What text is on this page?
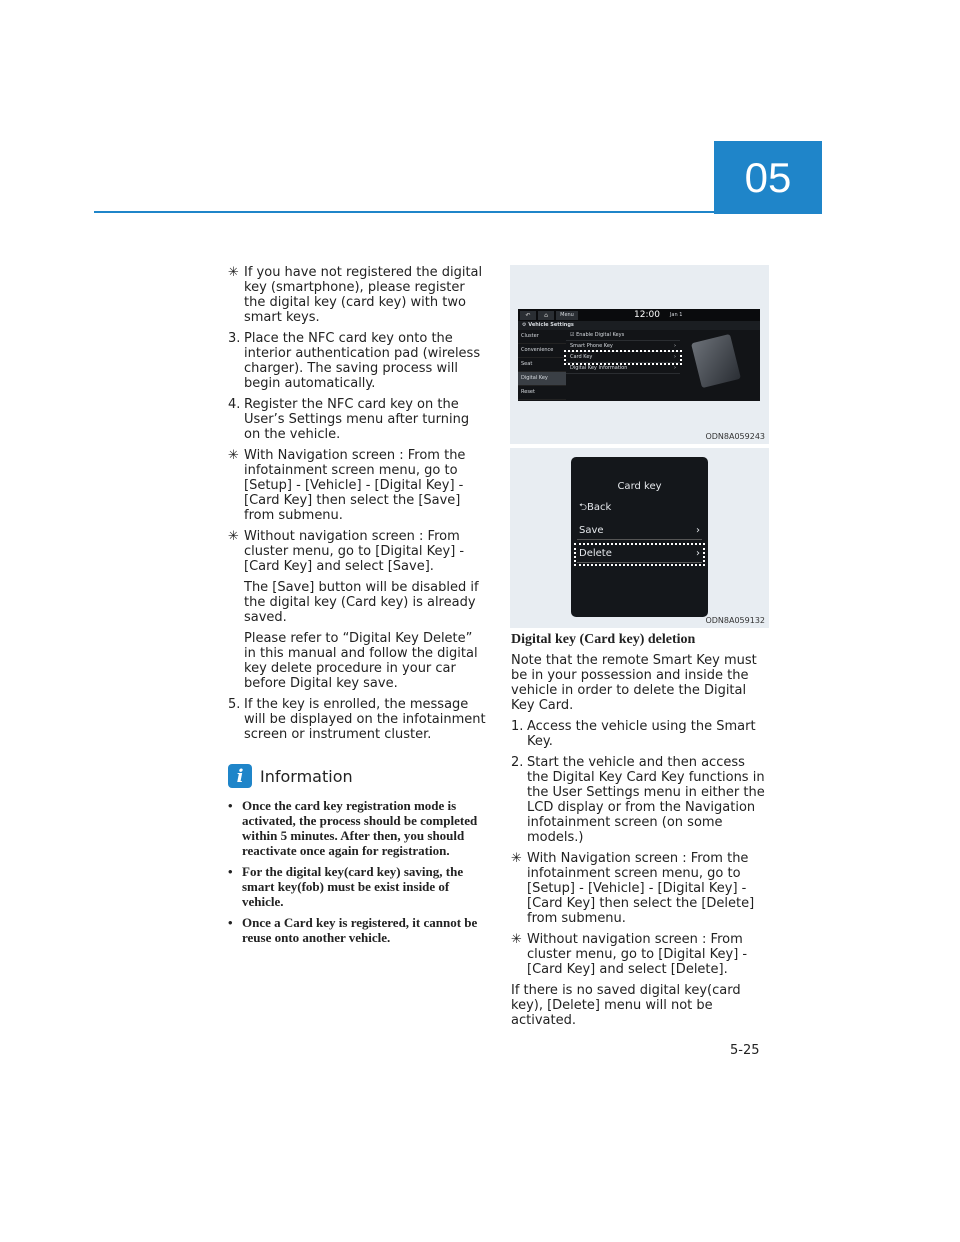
05
✳ If you have not registered the digital key (smartphone), please register the digital key (card key) with two smart keys.
3. Place the NFC card key onto the interior authentication pad (wireless charger). The saving process will begin automatically.
4. Register the NFC card key on the User’s Settings menu after turning on the vehicle.
✳ With Navigation screen : From the infotainment screen menu, go to [Setup] - [Vehicle] - [Digital Key] - [Card Key] then select the [Save] from submenu.
✳ Without navigation screen : From cluster menu, go to [Digital Key] - [Card Key] and select [Save].

The [Save] button will be disabled if the digital key (Card key) is already saved.

Please refer to “Digital Key Delete” in this manual and follow the digital key delete procedure in your car before Digital key save.

5. If the key is enrolled, the message will be displayed on the infotainment screen or instrument cluster.
i	Information
• Once the card key registration mode is activated, the process should be completed within 5 minutes. After then, you should reactivate once again for registration.
• For the digital key(card key) saving, the smart key(fob) must be exist inside of vehicle.
• Once a Card key is registered, it cannot be reuse onto another vehicle.
↶	⌂	Menu	12:00 Jan 1
⚙ Vehicle Settings
Cluster
Convenience
Seat
Digital Key
Reset
☑ Enable Digital Keys
Smart Phone Key	›
Card Key	›
Digital Key Information	›
ODN8A059243
Card key
⮌Back
Save	›
Delete	›
ODN8A059132
Digital key (Card key) deletion

Note that the remote Smart Key must be in your possession and inside the vehicle in order to delete the Digital Key Card.

1. Access the vehicle using the Smart Key.
2. Start the vehicle and then access the Digital Key Card Key functions in the User Settings menu in either the LCD display or from the Navigation infotainment screen (on some models.)
✳ With Navigation screen : From the infotainment screen menu, go to [Setup] - [Vehicle] - [Digital Key] - [Card Key] then select the [Delete] from submenu.
✳ Without navigation screen : From cluster menu, go to [Digital Key] - [Card Key] and select [Delete].

If there is no saved digital key(card key), [Delete] menu will not be activated.

5-25
